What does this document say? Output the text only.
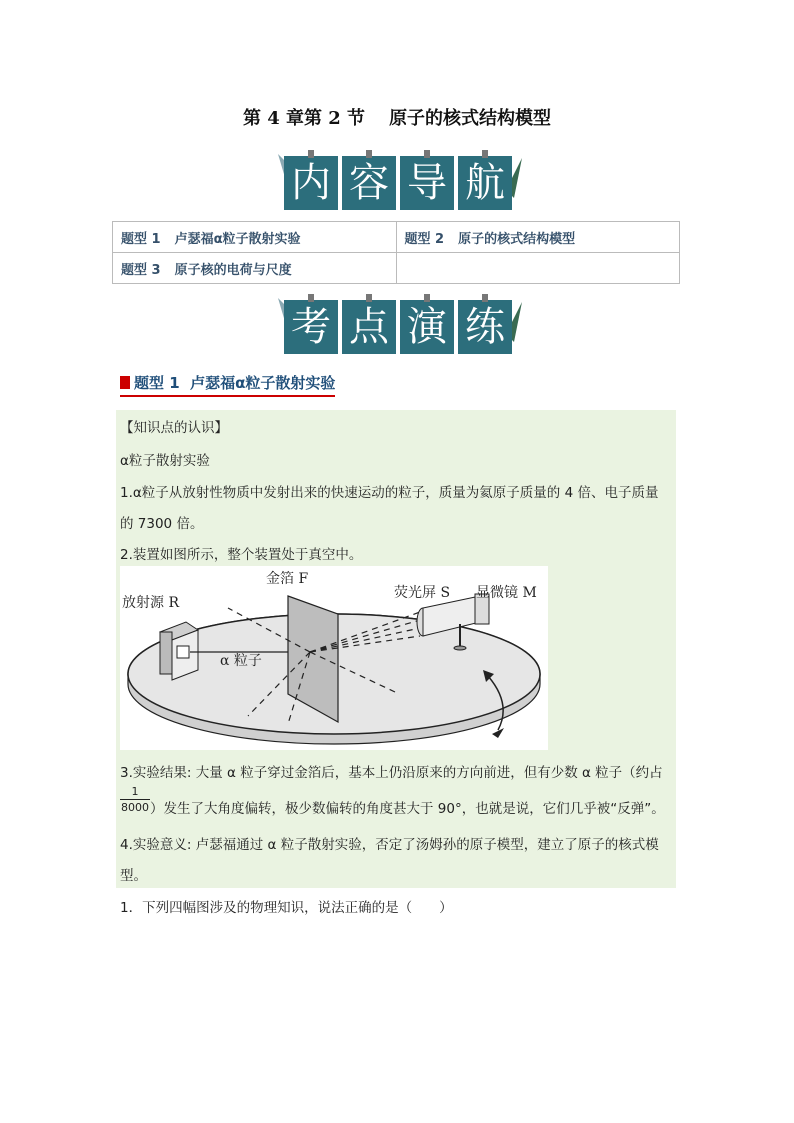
第 4 章第 2 节 原子的核式结构模型
内 容 导 航
题型 1 卢瑟福α粒子散射实验	题型 2 原子的核式结构模型
题型 3 原子核的电荷与尺度	
考 点 演 练
题型 1 卢瑟福α粒子散射实验
【知识点的认识】
α粒子散射实验
1.α粒子从放射性物质中发射出来的快速运动的粒子，质量为氦原子质量的 4 倍、电子质量
的 7300 倍。
2.装置如图所示，整个装置处于真空中。
放射源 R
金箔 F
荧光屏 S 显微镜 M
α 粒子
3.实验结果: 大量 α 粒子穿过金箔后，基本上仍沿原来的方向前进，但有少数 α 粒子（约占
$\frac{1}{8000}$ ）发生了大角度偏转，极少数偏转的角度甚大于 90°，也就是说，它们几乎被“反弹”。
4.实验意义: 卢瑟福通过 α 粒子散射实验，否定了汤姆孙的原子模型，建立了原子的核式模
型。
1．下列四幅图涉及的物理知识，说法正确的是（　　）
